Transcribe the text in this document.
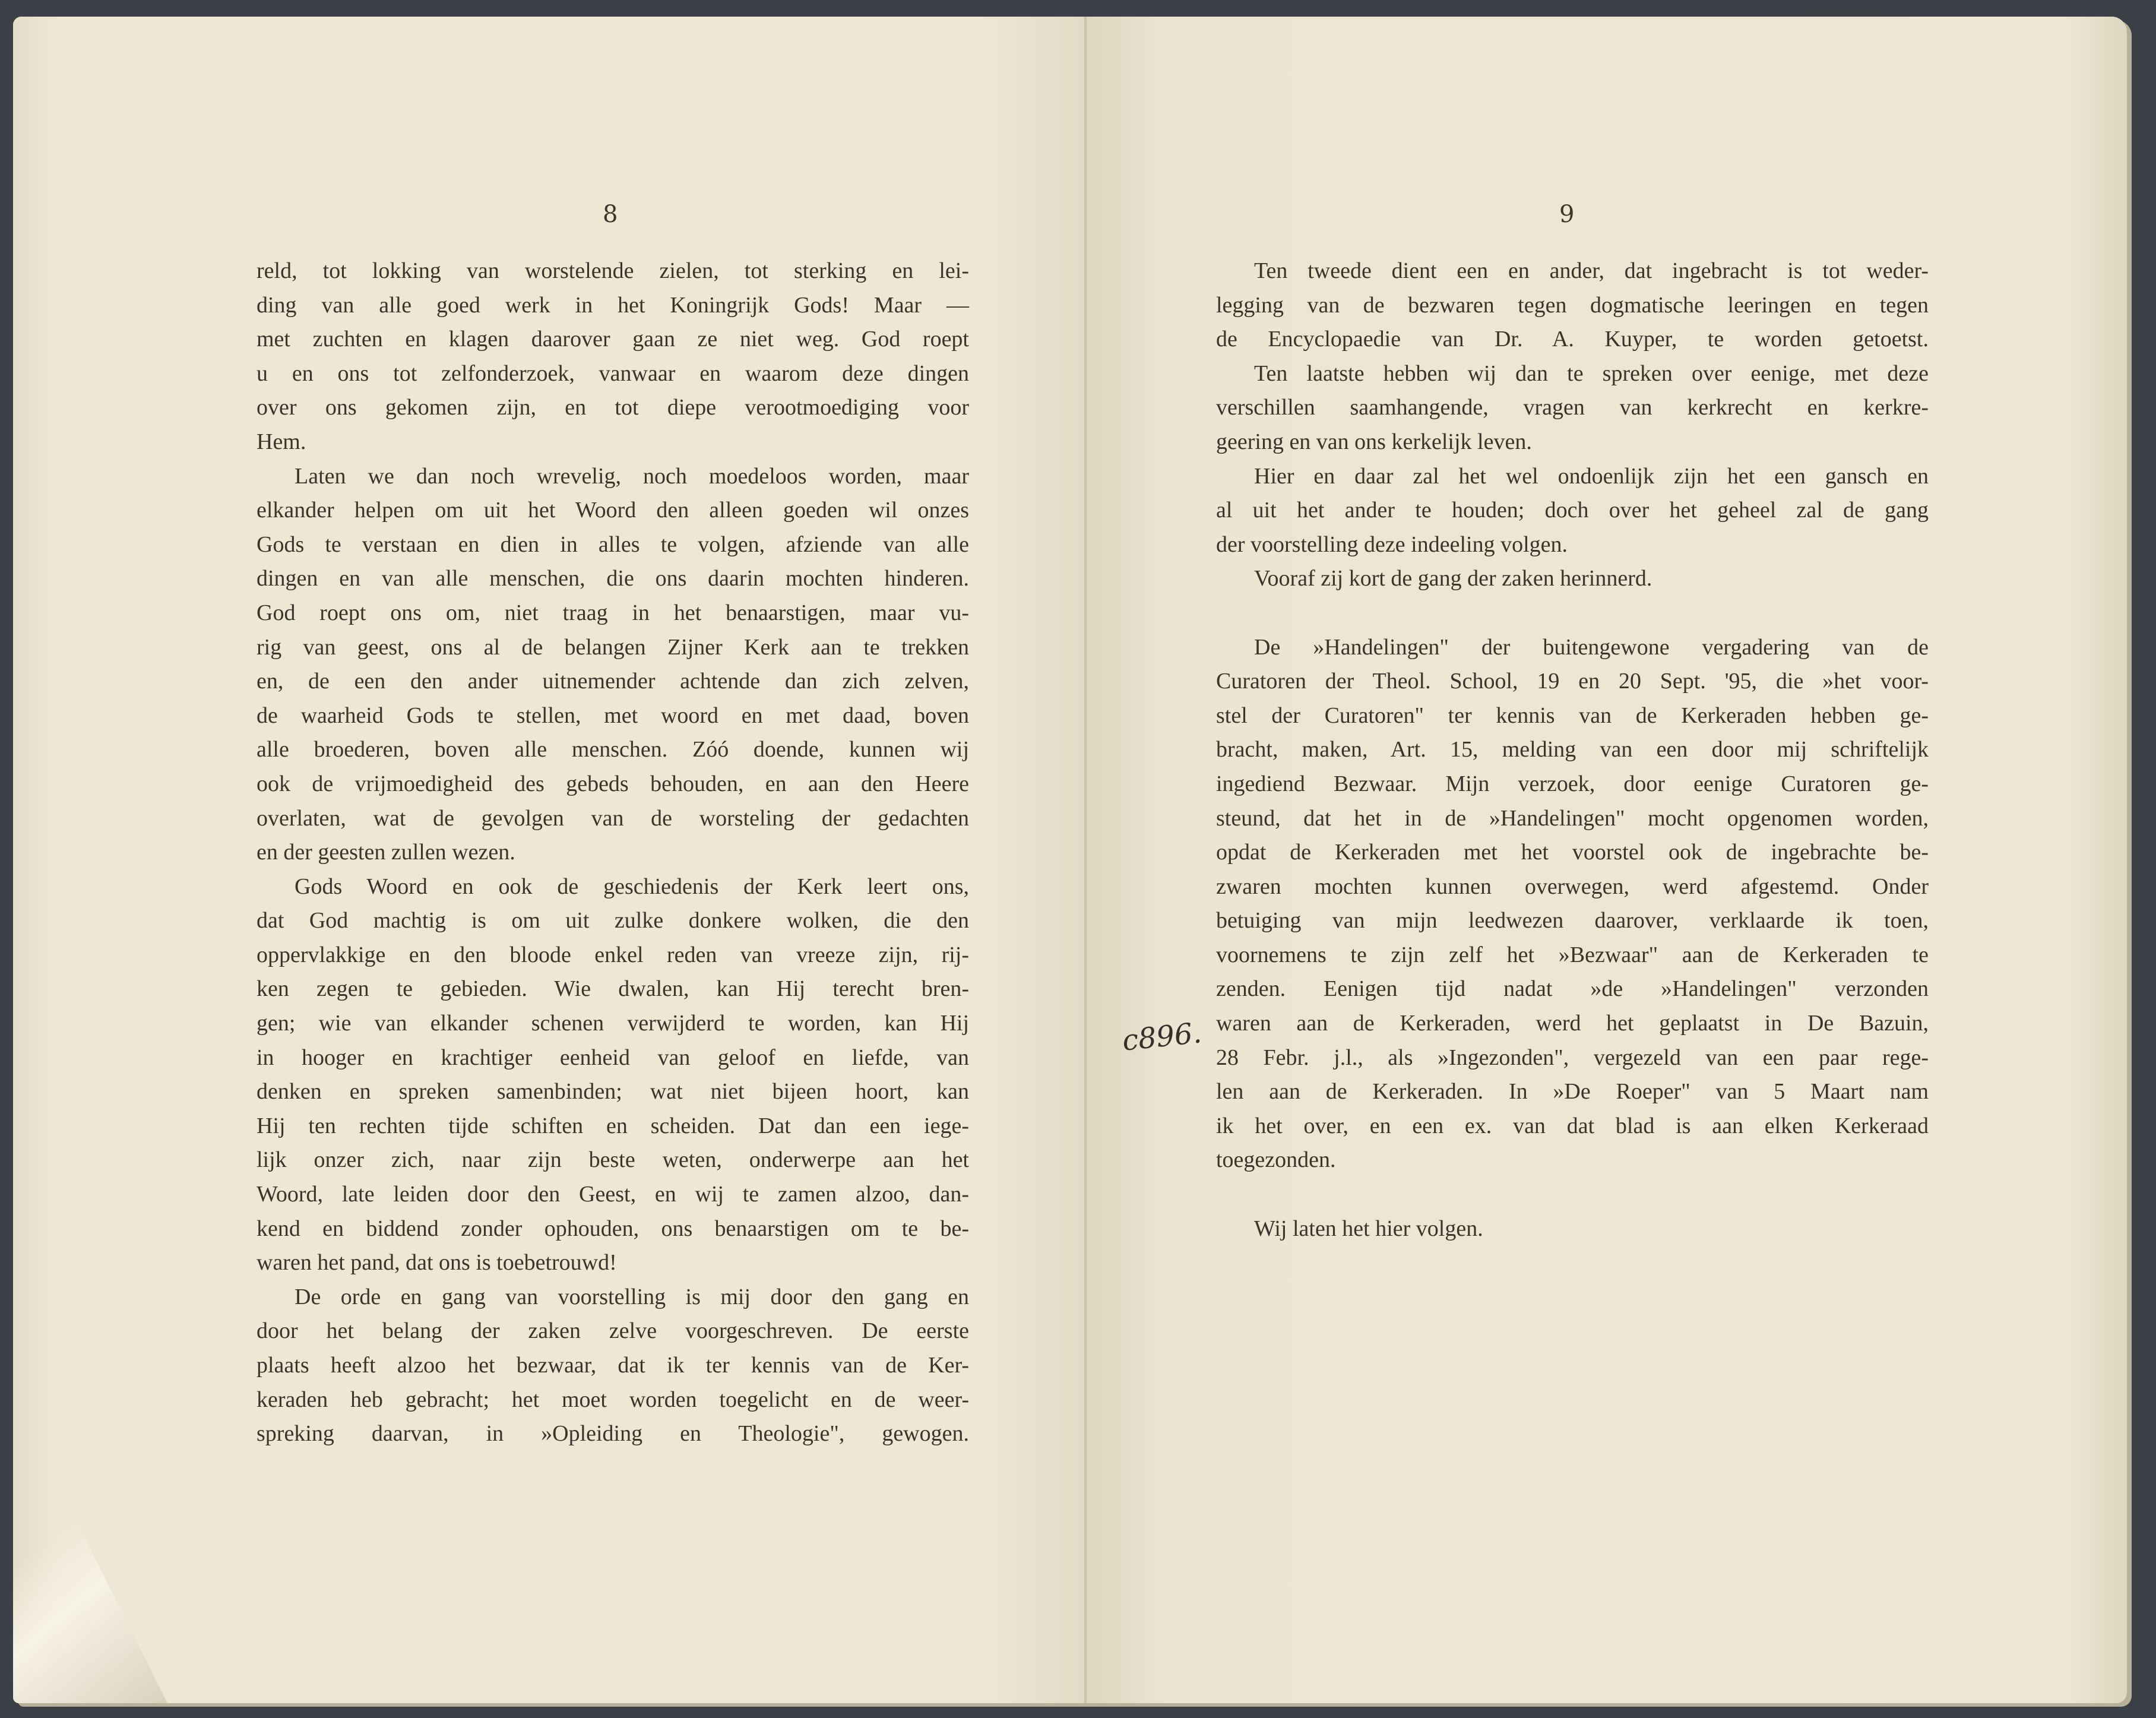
8
reld, tot lokking van worstelende zielen, tot sterking en lei-
ding van alle goed werk in het Koningrijk Gods! Maar —
met zuchten en klagen daarover gaan ze niet weg. God roept
u en ons tot zelfonderzoek, vanwaar en waarom deze dingen
over ons gekomen zijn, en tot diepe verootmoediging voor
Hem.
Laten we dan noch wrevelig, noch moedeloos worden, maar
elkander helpen om uit het Woord den alleen goeden wil onzes
Gods te verstaan en dien in alles te volgen, afziende van alle
dingen en van alle menschen, die ons daarin mochten hinderen.
God roept ons om, niet traag in het benaarstigen, maar vu-
rig van geest, ons al de belangen Zijner Kerk aan te trekken
en, de een den ander uitnemender achtende dan zich zelven,
de waarheid Gods te stellen, met woord en met daad, boven
alle broederen, boven alle menschen. Zóó doende, kunnen wij
ook de vrijmoedigheid des gebeds behouden, en aan den Heere
overlaten, wat de gevolgen van de worsteling der gedachten
en der geesten zullen wezen.
Gods Woord en ook de geschiedenis der Kerk leert ons,
dat God machtig is om uit zulke donkere wolken, die den
oppervlakkige en den bloode enkel reden van vreeze zijn, rij-
ken zegen te gebieden. Wie dwalen, kan Hij terecht bren-
gen; wie van elkander schenen verwijderd te worden, kan Hij
in hooger en krachtiger eenheid van geloof en liefde, van
denken en spreken samenbinden; wat niet bijeen hoort, kan
Hij ten rechten tijde schiften en scheiden. Dat dan een iege-
lijk onzer zich, naar zijn beste weten, onderwerpe aan het
Woord, late leiden door den Geest, en wij te zamen alzoo, dan-
kend en biddend zonder ophouden, ons benaarstigen om te be-
waren het pand, dat ons is toebetrouwd!
De orde en gang van voorstelling is mij door den gang en
door het belang der zaken zelve voorgeschreven. De eerste
plaats heeft alzoo het bezwaar, dat ik ter kennis van de Ker-
keraden heb gebracht; het moet worden toegelicht en de weer-
spreking daarvan, in »Opleiding en Theologie", gewogen.
9
Ten tweede dient een en ander, dat ingebracht is tot weder-
legging van de bezwaren tegen dogmatische leeringen en tegen
de Encyclopaedie van Dr. A. Kuyper, te worden getoetst.
Ten laatste hebben wij dan te spreken over eenige, met deze
verschillen saamhangende, vragen van kerkrecht en kerkre-
geering en van ons kerkelijk leven.
Hier en daar zal het wel ondoenlijk zijn het een gansch en
al uit het ander te houden; doch over het geheel zal de gang
der voorstelling deze indeeling volgen.
Vooraf zij kort de gang der zaken herinnerd.
De »Handelingen" der buitengewone vergadering van de
Curatoren der Theol. School, 19 en 20 Sept. '95, die »het voor-
stel der Curatoren" ter kennis van de Kerkeraden hebben ge-
bracht, maken, Art. 15, melding van een door mij schriftelijk
ingediend Bezwaar. Mijn verzoek, door eenige Curatoren ge-
steund, dat het in de »Handelingen" mocht opgenomen worden,
opdat de Kerkeraden met het voorstel ook de ingebrachte be-
zwaren mochten kunnen overwegen, werd afgestemd. Onder
betuiging van mijn leedwezen daarover, verklaarde ik toen,
voornemens te zijn zelf het »Bezwaar" aan de Kerkeraden te
zenden. Eenigen tijd nadat »de »Handelingen" verzonden
waren aan de Kerkeraden, werd het geplaatst in De Bazuin,
28 Febr. j.l., als »Ingezonden", vergezeld van een paar rege-
len aan de Kerkeraden. In »De Roeper" van 5 Maart nam
ik het over, en een ex. van dat blad is aan elken Kerkeraad
toegezonden.
Wij laten het hier volgen.
c896.
